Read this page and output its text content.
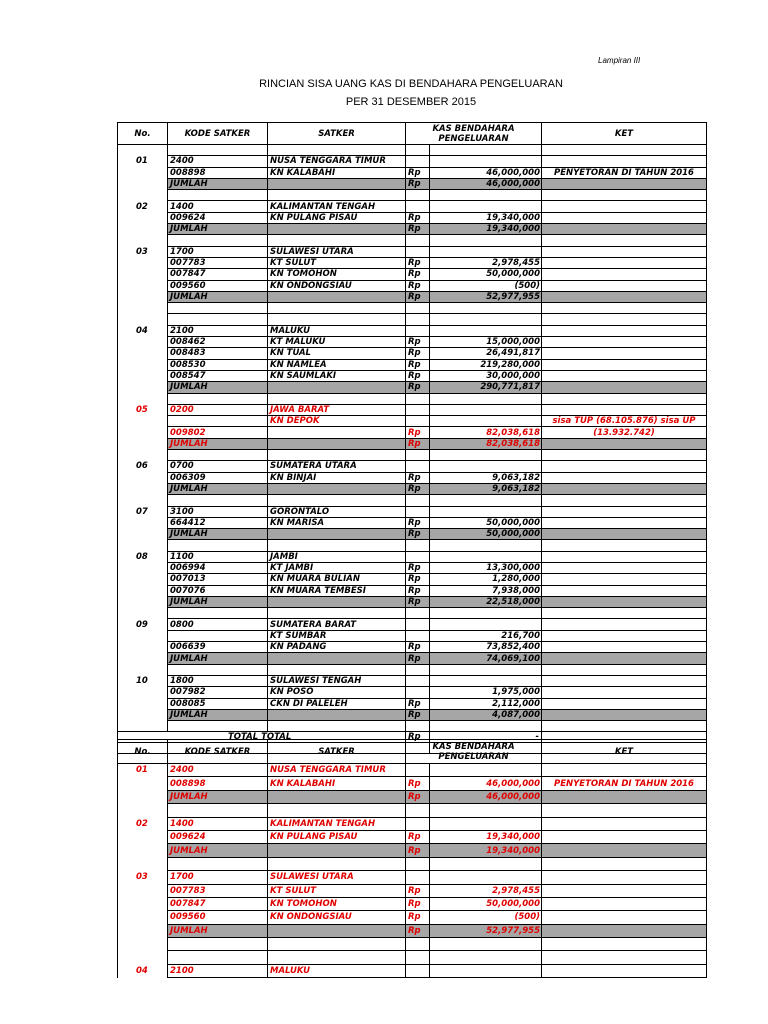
Lampiran III
RINCIAN SISA UANG KAS DI BENDAHARA PENGELUARAN
PER 31 DESEMBER 2015
No.	KODE SATKER	SATKER	KAS BENDAHARA PENGELUARAN		KET

01	2400	NUSA TENGGARA TIMUR			
	008898	KN KALABAHI	Rp	46,000,000	PENYETORAN DI TAHUN 2016
	JUMLAH		Rp	46,000,000	

02	1400	KALIMANTAN TENGAH			
	009624	KN PULANG PISAU	Rp	19,340,000	
	JUMLAH		Rp	19,340,000	

03	1700	SULAWESI UTARA			
	007783	KT SULUT	Rp	2,978,455	
	007847	KN TOMOHON	Rp	50,000,000	
	009560	KN ONDONGSIAU	Rp	(500)	
	JUMLAH		Rp	52,977,955	

04	2100	MALUKU			
	008462	KT MALUKU	Rp	15,000,000	
	008483	KN TUAL	Rp	26,491,817	
	008530	KN NAMLEA	Rp	219,280,000	
	008547	KN SAUMLAKI	Rp	30,000,000	
	JUMLAH		Rp	290,771,817	

05	0200	JAWA BARAT			
		KN DEPOK			sisa TUP (68.105.876) sisa UP
	009802		Rp	82,038,618	(13.932.742)
	JUMLAH		Rp	82,038,618	

06	0700	SUMATERA UTARA			
	006309	KN BINJAI	Rp	9,063,182	
	JUMLAH		Rp	9,063,182	

07	3100	GORONTALO			
	664412	KN MARISA	Rp	50,000,000	
	JUMLAH		Rp	50,000,000	

08	1100	JAMBI			
	006994	KT JAMBI	Rp	13,300,000	
	007013	KN MUARA BULIAN	Rp	1,280,000	
	007076	KN MUARA TEMBESI	Rp	7,938,000	
	JUMLAH		Rp	22,518,000	

09	0800	SUMATERA BARAT			
		KT SUMBAR		216,700	
	006639	KN PADANG	Rp	73,852,400	
	JUMLAH		Rp	74,069,100	

10	1800	SULAWESI TENGAH			
	007982	KN POSO		1,975,000	
	008085	CKN DI PALELEH	Rp	2,112,000	
	JUMLAH		Rp	4,087,000	

TOTAL TOTAL			Rp	-	

No.	KODE SATKER	SATKER	KAS BENDAHARA PENGELUARAN		KET
01	2400	NUSA TENGGARA TIMUR			
	008898	KN KALABAHI	Rp	46,000,000	PENYETORAN DI TAHUN 2016
	JUMLAH		Rp	46,000,000	

02	1400	KALIMANTAN TENGAH			
	009624	KN PULANG PISAU	Rp	19,340,000	
	JUMLAH		Rp	19,340,000	

03	1700	SULAWESI UTARA			
	007783	KT SULUT	Rp	2,978,455	
	007847	KN TOMOHON	Rp	50,000,000	
	009560	KN ONDONGSIAU	Rp	(500)	
	JUMLAH		Rp	52,977,955	

04	2100	MALUKU			
